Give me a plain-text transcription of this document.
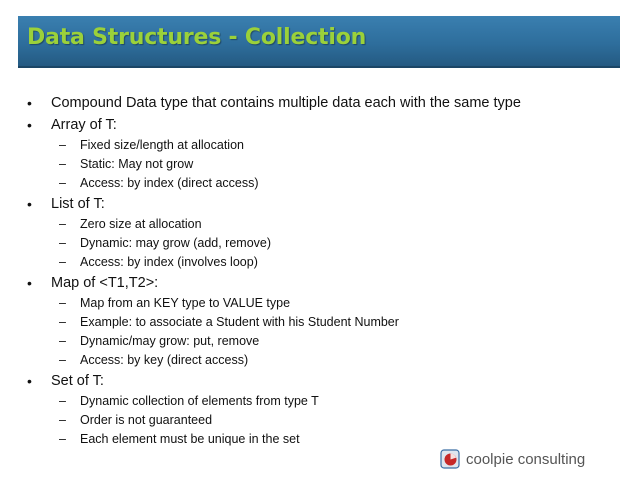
Data Structures - Collection
• Compound Data type that contains multiple data each with the same type
• Array of T:
– Fixed size/length at allocation
– Static: May not grow
– Access: by index (direct access)
• List of T:
– Zero size at allocation
– Dynamic: may grow (add, remove)
– Access: by index (involves loop)
• Map of <T1,T2>:
– Map from an KEY type to VALUE type
– Example: to associate a Student with his Student Number
– Dynamic/may grow: put, remove
– Access: by key (direct access)
• Set of T:
– Dynamic collection of elements from type T
– Order is not guaranteed
– Each element must be unique in the set
coolpie consulting
